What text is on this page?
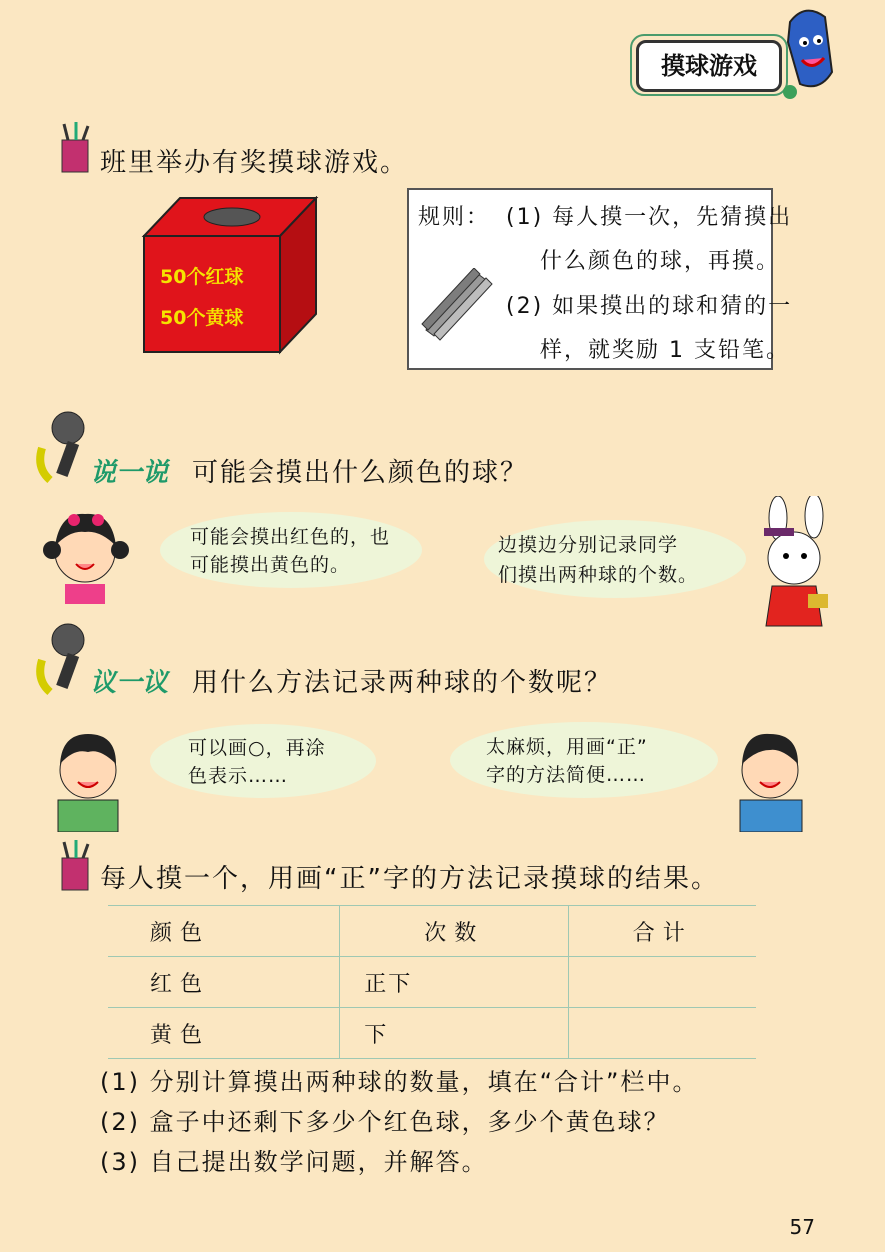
摸球游戏
班里举办有奖摸球游戏。
50个红球
50个黄球
规则： (1) 每人摸一次，先猜摸出
什么颜色的球，再摸。
(2) 如果摸出的球和猜的一
样，就奖励 1 支铅笔。
说一说 可能会摸出什么颜色的球？
可能会摸出红色的，也
可能摸出黄色的。
边摸边分别记录同学
们摸出两种球的个数。
议一议 用什么方法记录两种球的个数呢？
可以画○，再涂
色表示……
太麻烦，用画“正”
字的方法简便……
每人摸一个，用画“正”字的方法记录摸球的结果。
颜色	次数	合计
红色	正下	
黄色	下	
(1) 分别计算摸出两种球的数量，填在“合计”栏中。
(2) 盒子中还剩下多少个红色球，多少个黄色球？
(3) 自己提出数学问题，并解答。
57
